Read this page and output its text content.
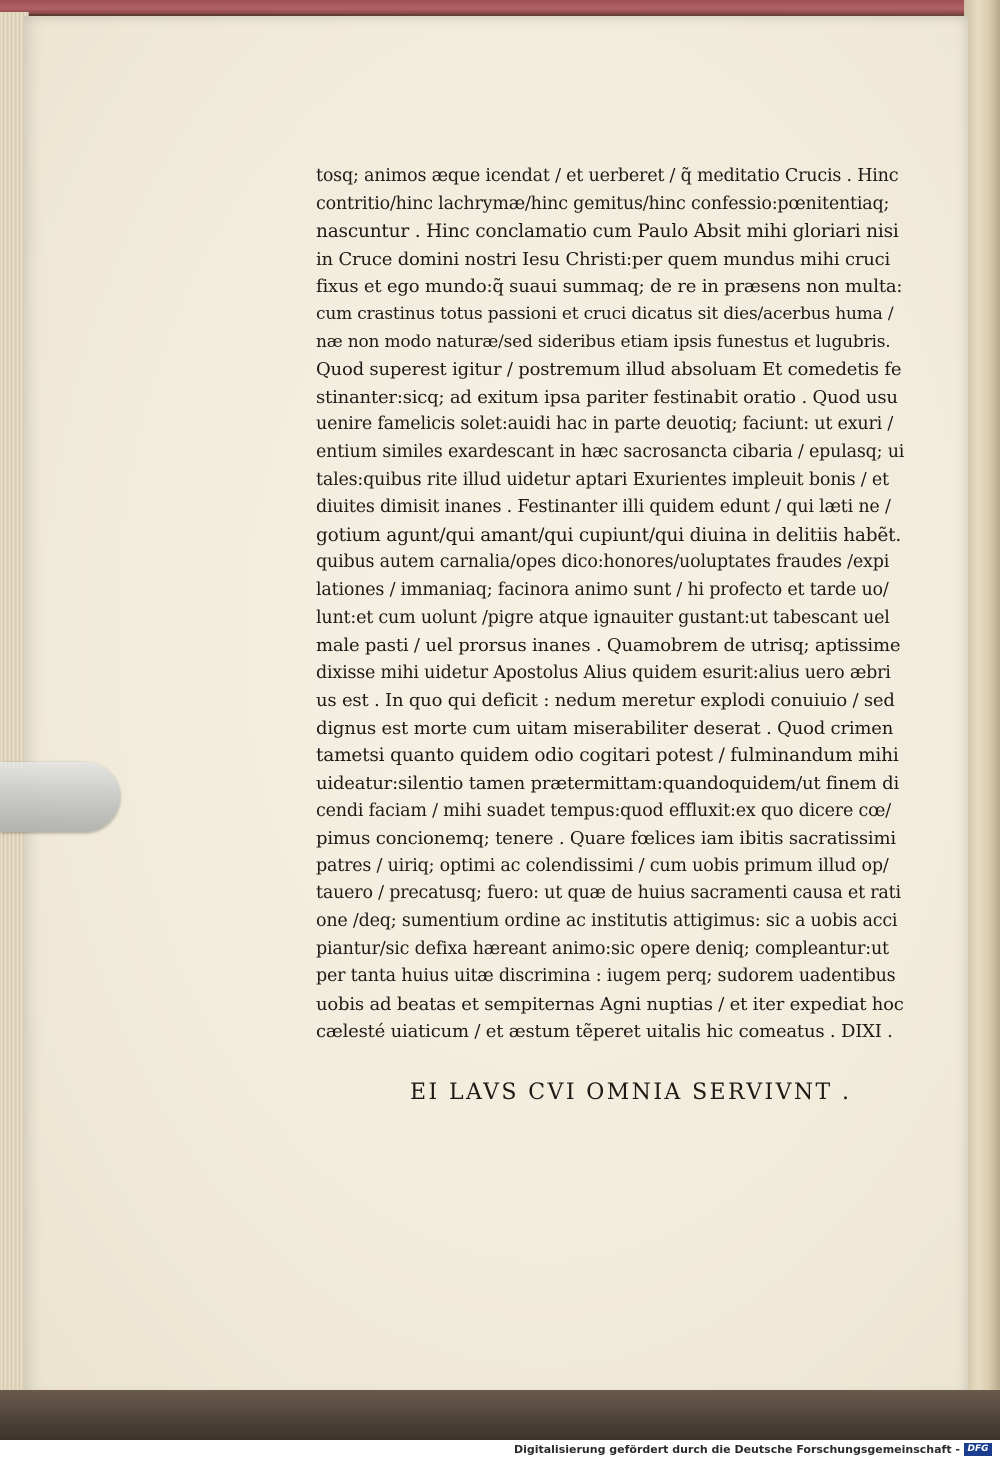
tosq; animos æque icendat / et uerberet / q̃ meditatio Crucis . Hinc
contritio/hinc lachrymæ/hinc gemitus/hinc confessio:pœnitentiaq;
nascuntur . Hinc conclamatio cum Paulo Absit mihi gloriari nisi
in Cruce domini nostri Iesu Christi:per quem mundus mihi cruci
fixus et ego mundo:q̃ suaui summaq; de re in præsens non multa:
cum crastinus totus passioni et cruci dicatus sit dies/acerbus huma /
næ non modo naturæ/sed sideribus etiam ipsis funestus et lugubris.
Quod superest igitur / postremum illud absoluam Et comedetis fe
stinanter:sicq; ad exitum ipsa pariter festinabit oratio . Quod usu
uenire famelicis solet:auidi hac in parte deuotiq; faciunt: ut exuri /
entium similes exardescant in hæc sacrosancta cibaria / epulasq; ui
tales:quibus rite illud uidetur aptari Exurientes impleuit bonis / et
diuites dimisit inanes . Festinanter illi quidem edunt / qui læti ne /
gotium agunt/qui amant/qui cupiunt/qui diuina in delitiis habẽt.
quibus autem carnalia/opes dico:honores/uoluptates fraudes /expi
lationes / immaniaq; facinora animo sunt / hi profecto et tarde uo/
lunt:et cum uolunt /pigre atque ignauiter gustant:ut tabescant uel
male pasti / uel prorsus inanes . Quamobrem de utrisq; aptissime
dixisse mihi uidetur Apostolus Alius quidem esurit:alius uero æbri
us est . In quo qui deficit : nedum meretur explodi conuiuio / sed
dignus est morte cum uitam miserabiliter deserat . Quod crimen
tametsi quanto quidem odio cogitari potest / fulminandum mihi
uideatur:silentio tamen prætermittam:quandoquidem/ut finem di
cendi faciam / mihi suadet tempus:quod effluxit:ex quo dicere cœ/
pimus concionemq; tenere . Quare fœlices iam ibitis sacratissimi
patres / uiriq; optimi ac colendissimi / cum uobis primum illud op/
tauero / precatusq; fuero: ut quæ de huius sacramenti causa et rati
one /deq; sumentium ordine ac institutis attigimus: sic a uobis acci
piantur/sic defixa hæreant animo:sic opere deniq; compleantur:ut
per tanta huius uitæ discrimina : iugem perq; sudorem uadentibus
uobis ad beatas et sempiternas Agni nuptias / et iter expediat hoc
cælesté uiaticum / et æstum tẽperet uitalis hic comeatus . DIXI .
EI LAVS CVI OMNIA SERVIVNT .
Digitalisierung gefördert durch die Deutsche Forschungsgemeinschaft - DFG
